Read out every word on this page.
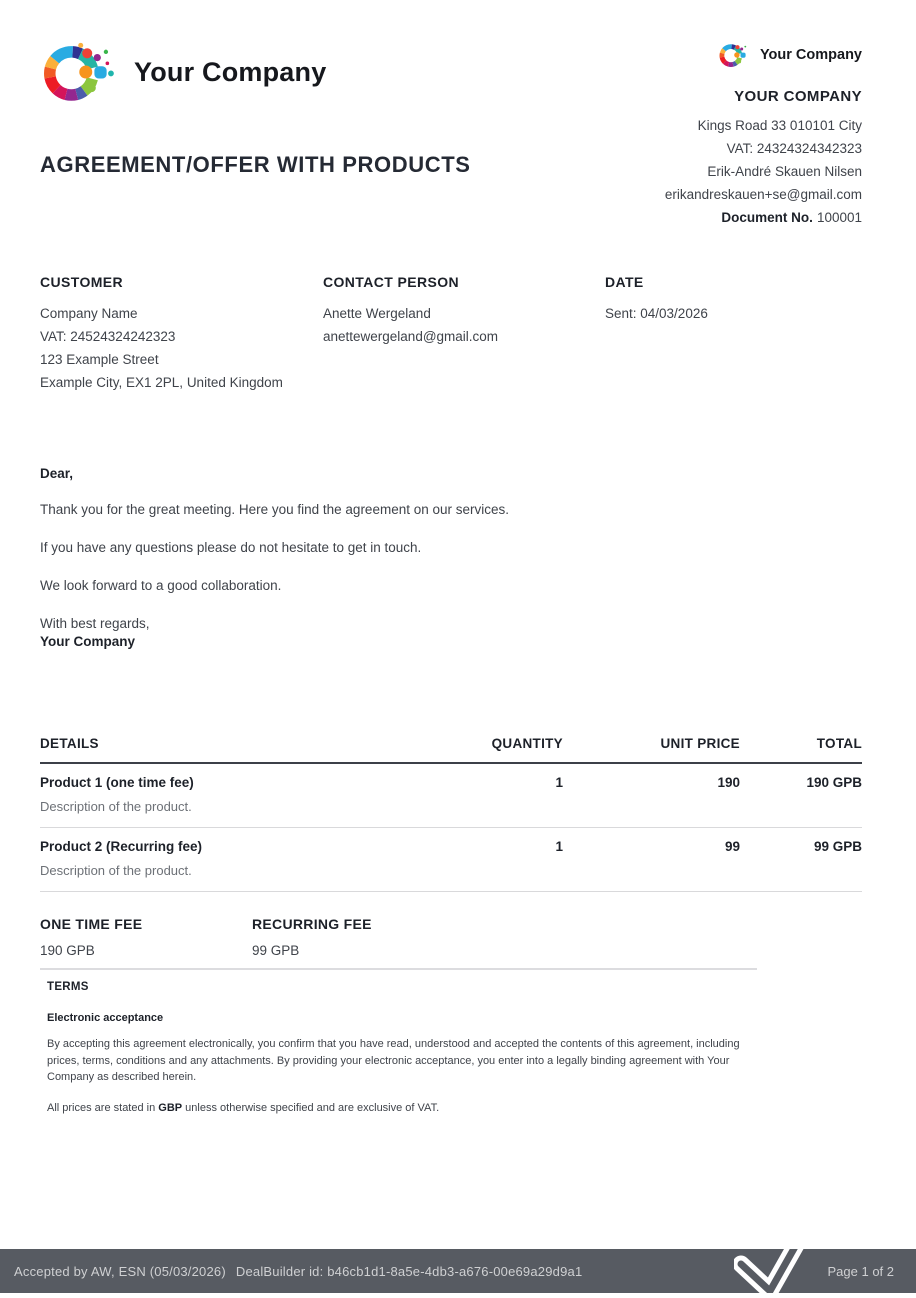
Your Company
Your Company
YOUR COMPANY
Kings Road 33 010101 City
VAT: 24324324342323
Erik-André Skauen Nilsen
erikandreskauen+se@gmail.com
Document No. 100001
AGREEMENT/OFFER WITH PRODUCTS
CUSTOMER
Company Name
VAT: 24524324242323
123 Example Street
Example City, EX1 2PL, United Kingdom
CONTACT PERSON
Anette Wergeland
anettewergeland@gmail.com
DATE
Sent: 04/03/2026
Dear,

Thank you for the great meeting. Here you find the agreement on our services.

If you have any questions please do not hesitate to get in touch.

We look forward to a good collaboration.

With best regards,

Your Company
DETAILS	QUANTITY	UNIT PRICE	TOTAL
Product 1 (one time fee)	1	190	190 GPB
Description of the product.
Product 2 (Recurring fee)	1	99	99 GPB
Description of the product.
ONE TIME FEE
190 GPB
RECURRING FEE
99 GPB
TERMS
Electronic acceptance
By accepting this agreement electronically, you confirm that you have read, understood and accepted the contents of this agreement, including prices, terms, conditions and any attachments. By providing your electronic acceptance, you enter into a legally binding agreement with Your Company as described herein.
All prices are stated in GBP unless otherwise specified and are exclusive of VAT.
Accepted by AW, ESN (05/03/2026) DealBuilder id: b46cb1d1-8a5e-4db3-a676-00e69a29d9a1	Page 1 of 2
